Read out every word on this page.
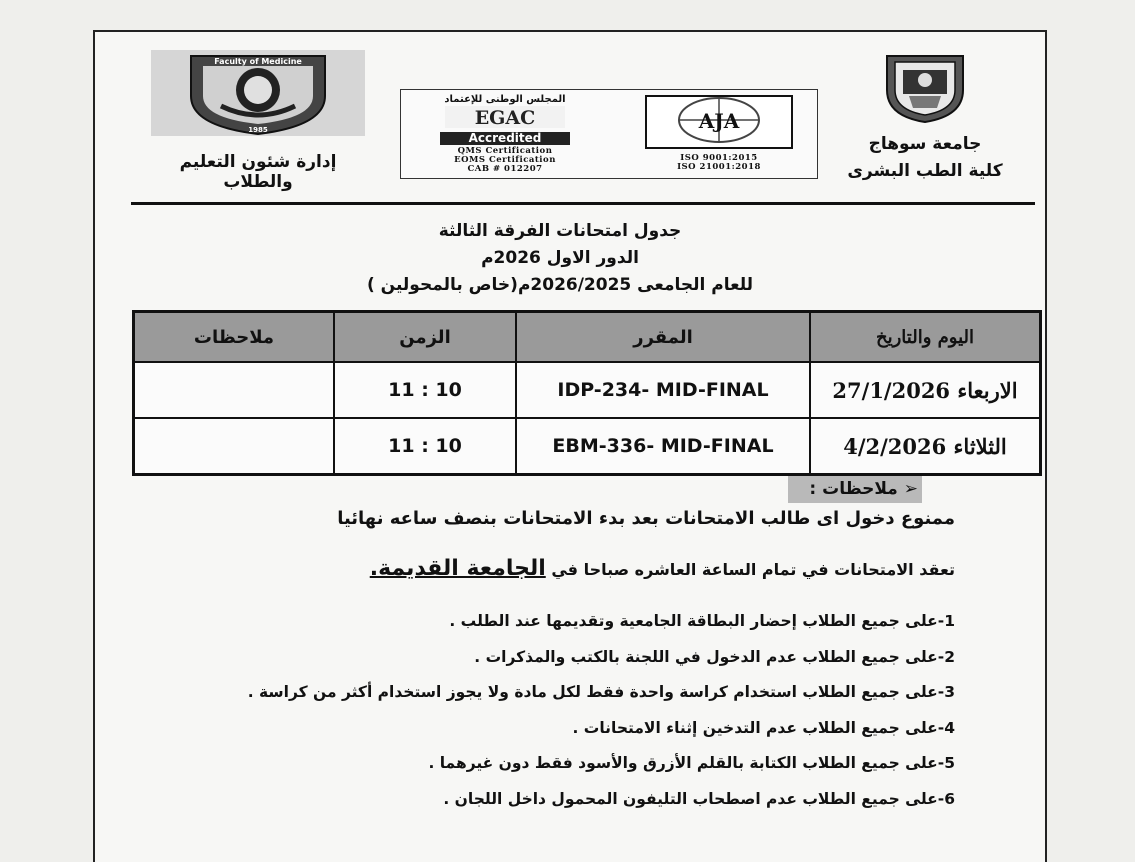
جامعة سوهاج
كلية الطب البشرى
المجلس الوطنى للإعتماد
EGAC
Accredited
QMS Certification
EOMS Certification
CAB # 012207
AJA
ISO 9001:2015
ISO 21001:2018
Faculty of Medicine
1985
إدارة شئون التعليم والطلاب
جدول امتحانات الفرقة الثالثة
الدور الاول 2026م
للعام الجامعى 2026/2025م(خاص بالمحولين )
اليوم والتاريخ	المقرر	الزمن	ملاحظات
الاربعاء 27/1/2026	IDP-234- MID-FINAL	10 : 11	
الثلاثاء 4/2/2026	EBM-336- MID-FINAL	10 : 11	
➢ ملاحظات :
ممنوع دخول اى طالب الامتحانات بعد بدء الامتحانات بنصف ساعه نهائيا
تعقد الامتحانات في تمام الساعة العاشره صباحا في الجامعة القديمة.
1-على جميع الطلاب إحضار البطاقة الجامعية وتقديمها عند الطلب .
2-على جميع الطلاب عدم الدخول في اللجنة بالكتب والمذكرات .
3-على جميع الطلاب استخدام كراسة واحدة فقط لكل مادة ولا يجوز استخدام أكثر من كراسة .
4-على جميع الطلاب عدم التدخين إثناء الامتحانات .
5-على جميع الطلاب الكتابة بالقلم الأزرق والأسود فقط دون غيرهما .
6-على جميع الطلاب عدم اصطحاب التليفون المحمول داخل اللجان .
